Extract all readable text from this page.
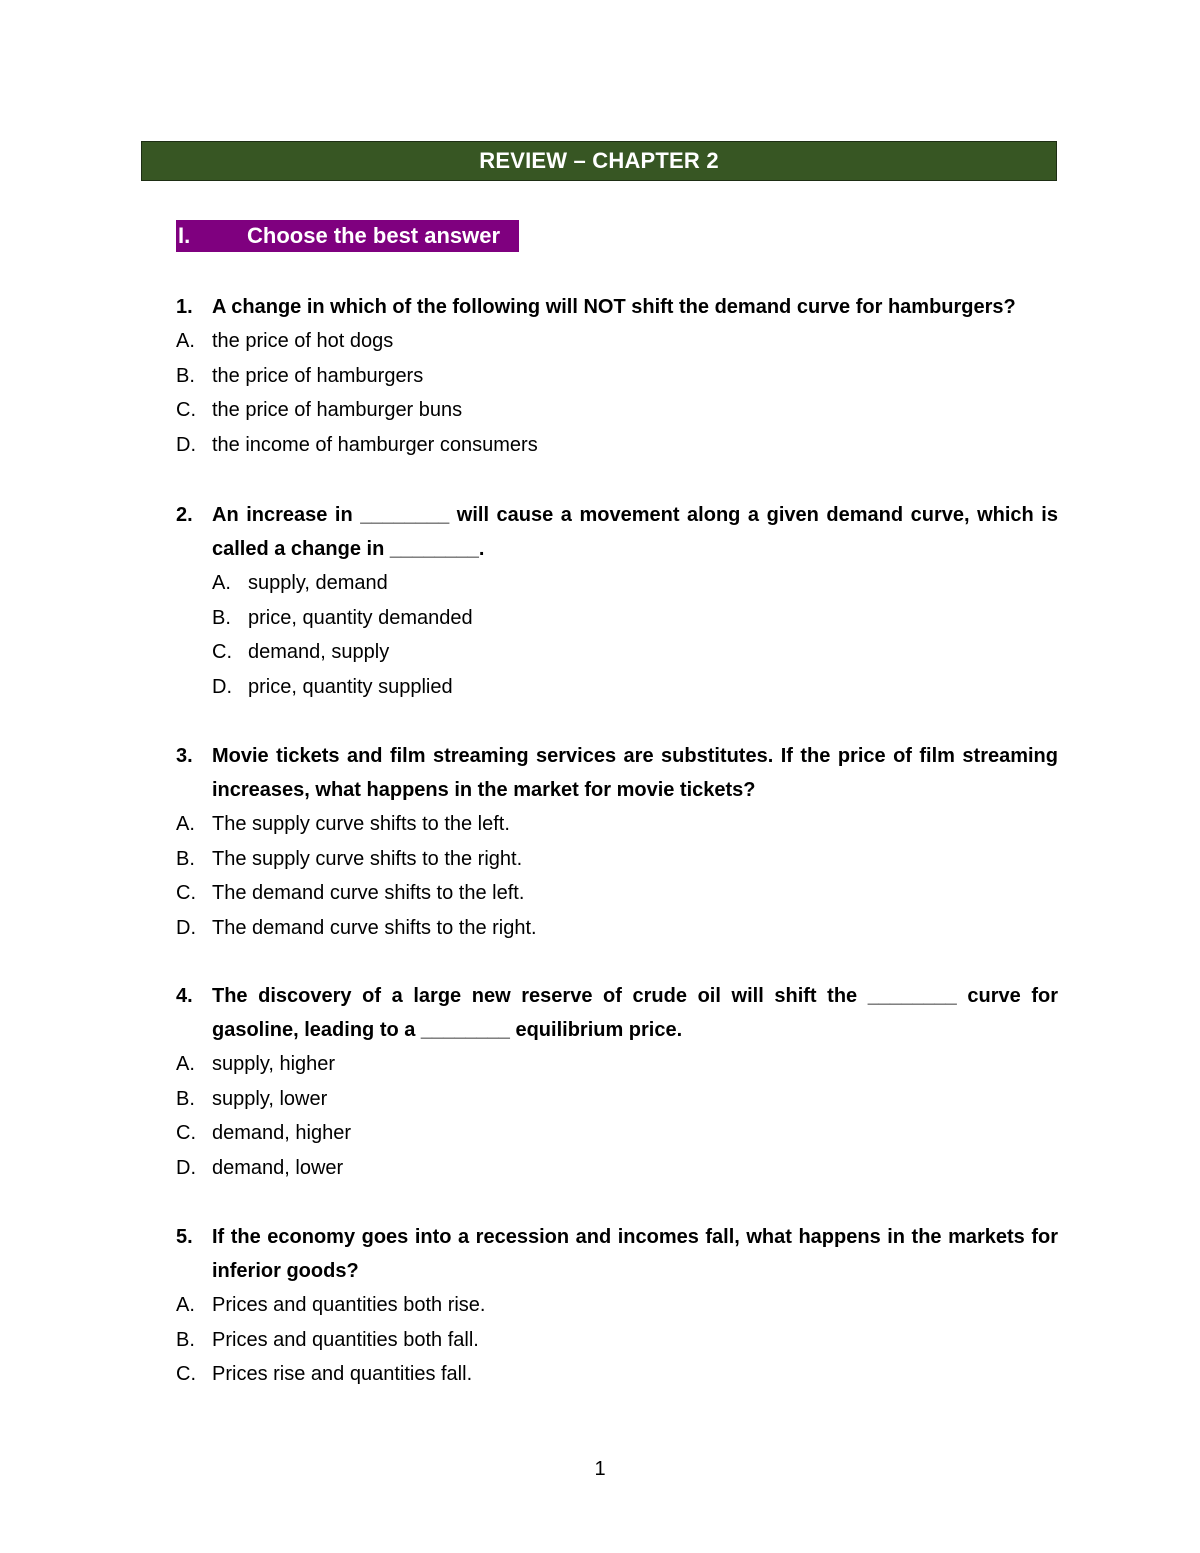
REVIEW – CHAPTER 2
I.	Choose the best answer
1. A change in which of the following will NOT shift the demand curve for hamburgers?
A. the price of hot dogs
B. the price of hamburgers
C. the price of hamburger buns
D. the income of hamburger consumers
2. An increase in ________ will cause a movement along a given demand curve, which is called a change in ________.
A. supply, demand
B. price, quantity demanded
C. demand, supply
D. price, quantity supplied
3. Movie tickets and film streaming services are substitutes. If the price of film streaming increases, what happens in the market for movie tickets?
A. The supply curve shifts to the left.
B. The supply curve shifts to the right.
C. The demand curve shifts to the left.
D. The demand curve shifts to the right.
4. The discovery of a large new reserve of crude oil will shift the ________ curve for gasoline, leading to a ________ equilibrium price.
A. supply, higher
B. supply, lower
C. demand, higher
D. demand, lower
5. If the economy goes into a recession and incomes fall, what happens in the markets for inferior goods?
A. Prices and quantities both rise.
B. Prices and quantities both fall.
C. Prices rise and quantities fall.
1
